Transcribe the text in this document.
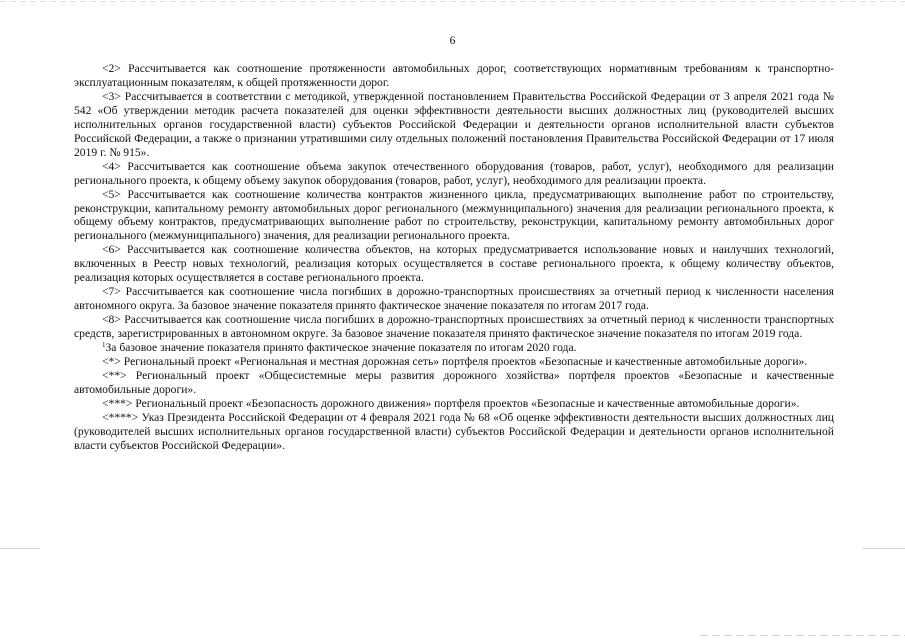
6

<2> Рассчитывается как соотношение протяженности автомобильных дорог, соответствующих нормативным требованиям к транспортно-эксплуатационным показателям, к общей протяженности дорог.

<3> Рассчитывается в соответствии с методикой, утвержденной постановлением Правительства Российской Федерации от 3 апреля 2021 года № 542 «Об утверждении методик расчета показателей для оценки эффективности деятельности высших должностных лиц (руководителей высших исполнительных органов государственной власти) субъектов Российской Федерации и деятельности органов исполнительной власти субъектов Российской Федерации, а также о признании утратившими силу отдельных положений постановления Правительства Российской Федерации от 17 июля 2019 г. № 915».

<4> Рассчитывается как соотношение объема закупок отечественного оборудования (товаров, работ, услуг), необходимого для реализации регионального проекта, к общему объему закупок оборудования (товаров, работ, услуг), необходимого для реализации проекта.

<5> Рассчитывается как соотношение количества контрактов жизненного цикла, предусматривающих выполнение работ по строительству, реконструкции, капитальному ремонту автомобильных дорог регионального (межмуниципального) значения для реализации регионального проекта, к общему объему контрактов, предусматривающих выполнение работ по строительству, реконструкции, капитальному ремонту автомобильных дорог регионального (межмуниципального) значения, для реализации регионального проекта.

<6> Рассчитывается как соотношение количества объектов, на которых предусматривается использование новых и наилучших технологий, включенных в Реестр новых технологий, реализация которых осуществляется в составе регионального проекта, к общему количеству объектов, реализация которых осуществляется в составе регионального проекта.

<7> Рассчитывается как соотношение числа погибших в дорожно-транспортных происшествиях за отчетный период к численности населения автономного округа. За базовое значение показателя принято фактическое значение показателя по итогам 2017 года.

<8> Рассчитывается как соотношение числа погибших в дорожно-транспортных происшествиях за отчетный период к численности транспортных средств, зарегистрированных в автономном округе. За базовое значение показателя принято фактическое значение показателя по итогам 2019 года.

$^1$За базовое значение показателя принято фактическое значение показателя по итогам 2020 года.

<*> Региональный проект «Региональная и местная дорожная сеть» портфеля проектов «Безопасные и качественные автомобильные дороги».

<**> Региональный проект «Общесистемные меры развития дорожного хозяйства» портфеля проектов «Безопасные и качественные автомобильные дороги».

<***> Региональный проект «Безопасность дорожного движения» портфеля проектов «Безопасные и качественные автомобильные дороги».

<****> Указ Президента Российской Федерации от 4 февраля 2021 года № 68 «Об оценке эффективности деятельности высших должностных лиц (руководителей высших исполнительных органов государственной власти) субъектов Российской Федерации и деятельности органов исполнительной власти субъектов Российской Федерации».
